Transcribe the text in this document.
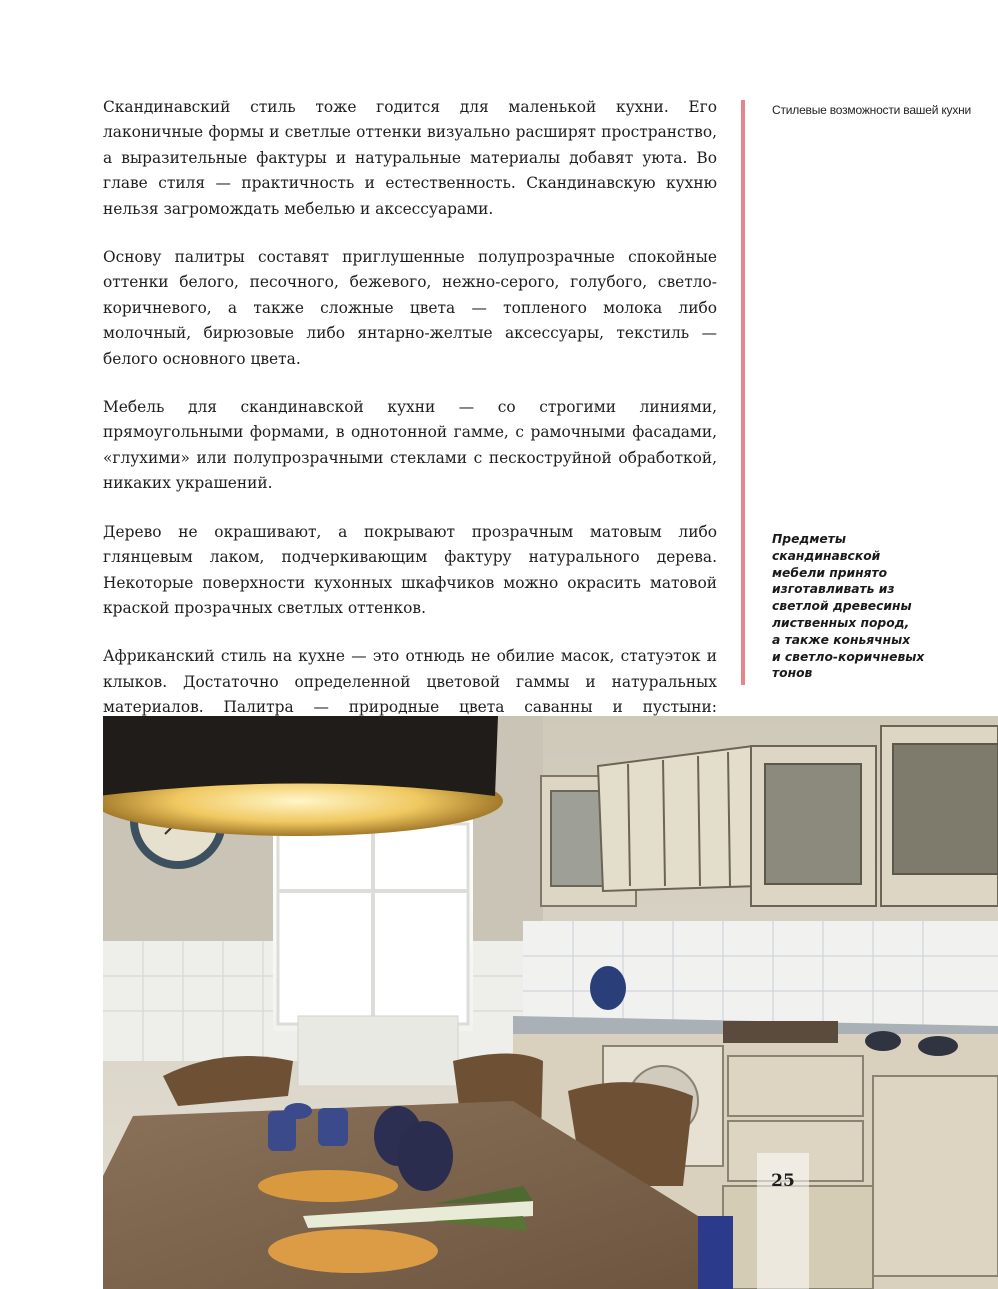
Скандинавский стиль тоже годится для маленькой кухни. Его лаконичные формы и светлые оттенки визуально расширят пространство, а выразительные фактуры и натуральные материалы добавят уюта. Во главе стиля — практичность и естественность. Скандинавскую кухню нельзя загромождать мебелью и аксессуарами.

Основу палитры составят приглушенные полупрозрачные спокойные оттенки белого, песочного, бежевого, нежно-серого, голубого, светло-коричневого, а также сложные цвета — топленого молока либо молочный, бирюзовые либо янтарно-желтые аксессуары, текстиль — белого основного цвета.

Мебель для скандинавской кухни — со строгими линиями, прямоугольными формами, в однотонной гамме, с рамочными фасадами, «глухими» или полупрозрачными стеклами с пескоструйной обработкой, никаких украшений.

Дерево не окрашивают, а покрывают прозрачным матовым либо глянцевым лаком, подчеркивающим фактуру натурального дерева. Некоторые поверхности кухонных шкафчиков можно окрасить матовой краской прозрачных светлых оттенков.

Африканский стиль на кухне — это отнюдь не обилие масок, статуэток и клыков. Достаточно определенной цветовой гаммы и натуральных материалов. Палитра — природные цвета саванны и пустыни:

Стилевые возможности вашей кухни
Предметы
скандинавской
мебели принято
изготавливать из
светлой древесины
лиственных пород,
а также коньячных
и светло-коричневых
тонов
25
